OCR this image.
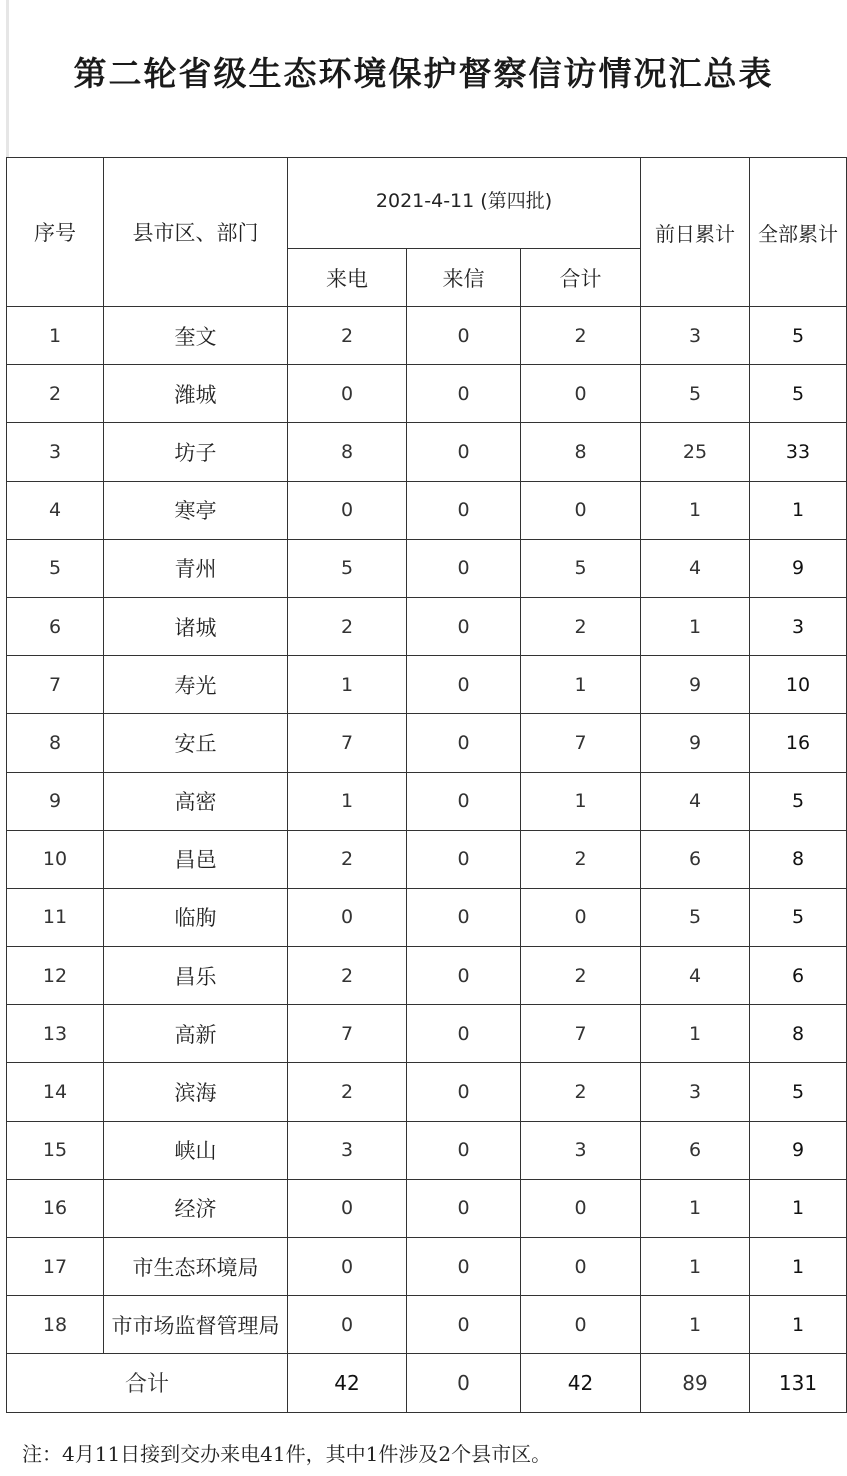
第二轮省级生态环境保护督察信访情况汇总表
序号	县市区、部门	2021-4-11 (第四批)			前日累计	全部累计
		来电	来信	合计		
1	奎文	2	0	2	3	5
2	潍城	0	0	0	5	5
3	坊子	8	0	8	25	33
4	寒亭	0	0	0	1	1
5	青州	5	0	5	4	9
6	诸城	2	0	2	1	3
7	寿光	1	0	1	9	10
8	安丘	7	0	7	9	16
9	高密	1	0	1	4	5
10	昌邑	2	0	2	6	8
11	临朐	0	0	0	5	5
12	昌乐	2	0	2	4	6
13	高新	7	0	7	1	8
14	滨海	2	0	2	3	5
15	峡山	3	0	3	6	9
16	经济	0	0	0	1	1
17	市生态环境局	0	0	0	1	1
18	市市场监督管理局	0	0	0	1	1
合计		42	0	42	89	131
注：4月11日接到交办来电41件，其中1件涉及2个县市区。
